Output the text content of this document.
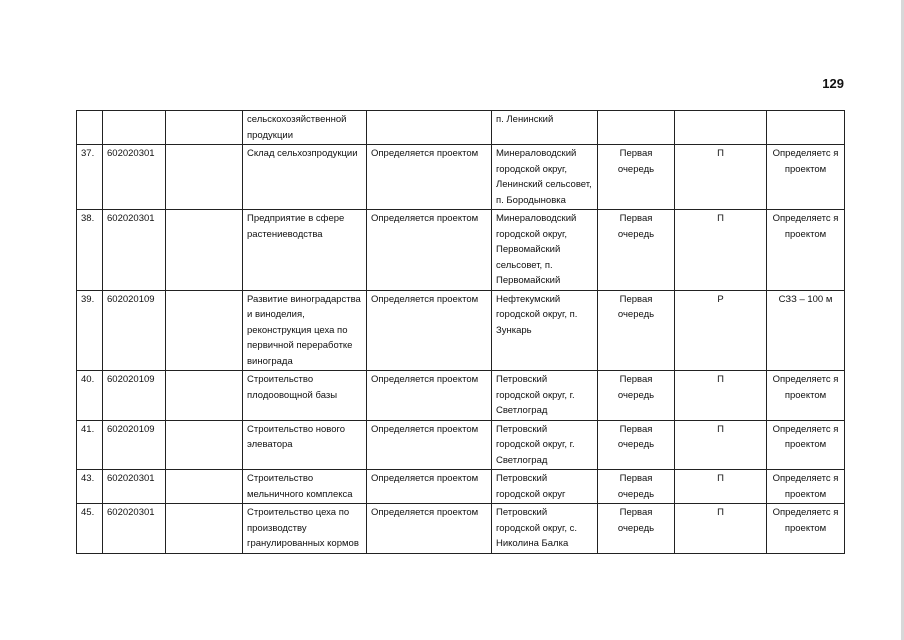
129
			сельскохозяйственной продукции		п. Ленинский			
37.	602020301		Склад сельхозпродукции	Определяется проектом	Минераловодский городской округ, Ленинский сельсовет, п. Бородыновка	Первая очередь	П	Определяетс я проектом
38.	602020301		Предприятие в сфере растениеводства	Определяется проектом	Минераловодский городской округ, Первомайский сельсовет, п. Первомайский	Первая очередь	П	Определяетс я проектом
39.	602020109		Развитие виноградарства и виноделия, реконструкция цеха по первичной переработке винограда	Определяется проектом	Нефтекумский городской округ, п. Зункарь	Первая очередь	Р	СЗЗ – 100 м
40.	602020109		Строительство плодоовощной базы	Определяется проектом	Петровский городской округ, г. Светлоград	Первая очередь	П	Определяетс я проектом
41.	602020109		Строительство нового элеватора	Определяется проектом	Петровский городской округ, г. Светлоград	Первая очередь	П	Определяетс я проектом
43.	602020301		Строительство мельничного комплекса	Определяется проектом	Петровский городской округ	Первая очередь	П	Определяетс я проектом
45.	602020301		Строительство цеха по производству гранулированных кормов	Определяется проектом	Петровский городской округ, с. Николина Балка	Первая очередь	П	Определяетс я проектом
